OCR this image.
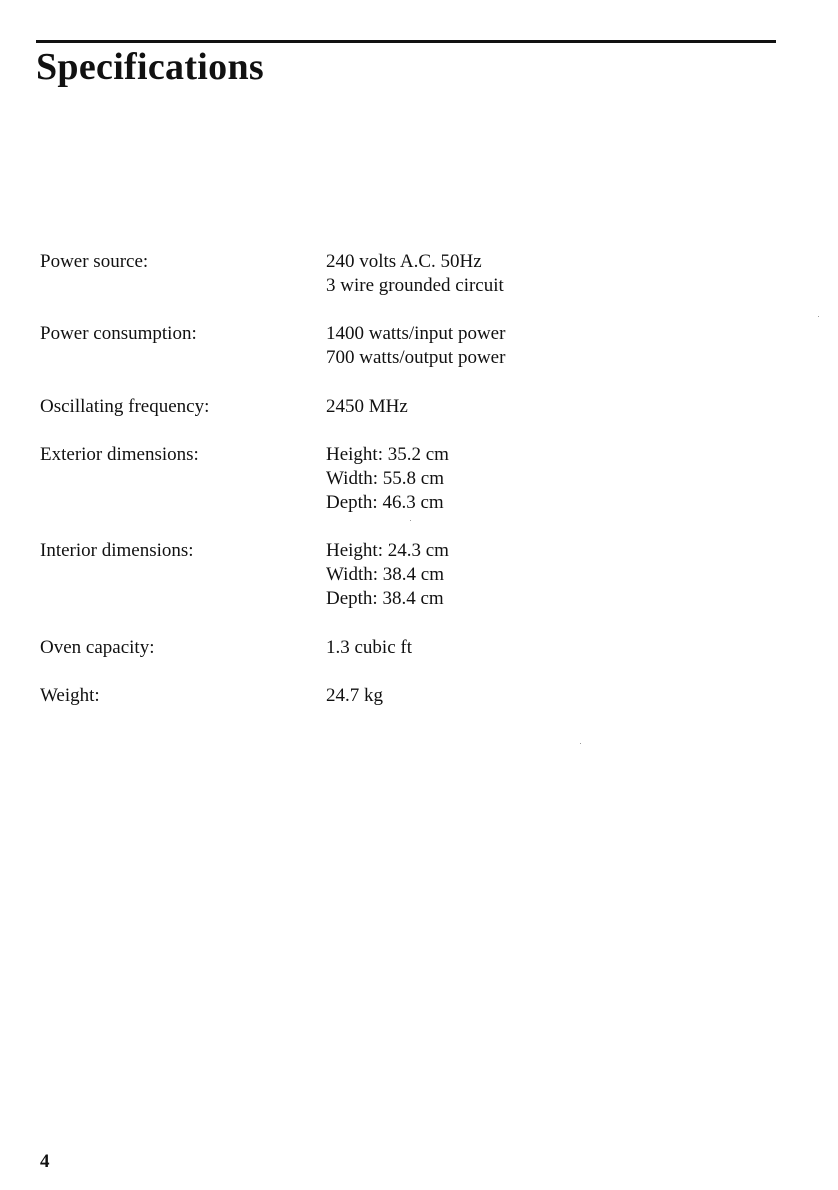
Specifications
Power source:	240 volts A.C. 50Hz
3 wire grounded circuit
Power consumption:	1400 watts/input power
700 watts/output power
Oscillating frequency:	2450 MHz
Exterior dimensions:	Height: 35.2 cm
Width: 55.8 cm
Depth: 46.3 cm
Interior dimensions:	Height: 24.3 cm
Width: 38.4 cm
Depth: 38.4 cm
Oven capacity:	1.3 cubic ft
Weight:	24.7 kg
4
